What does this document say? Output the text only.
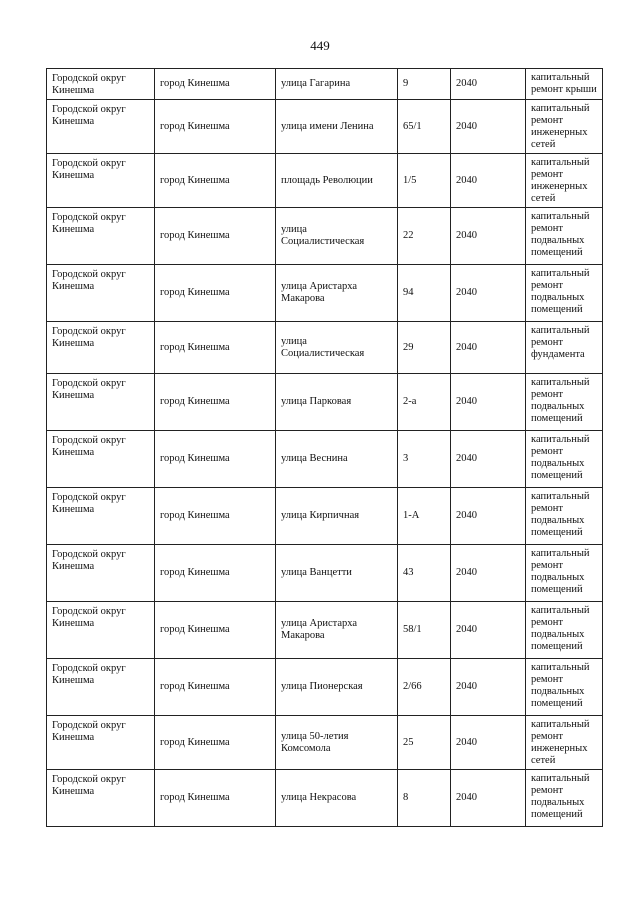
449
Городской округ Кинешма	город Кинешма	улица Гагарина	9	2040	капитальный ремонт крыши
Городской округ Кинешма	город Кинешма	улица имени Ленина	65/1	2040	капитальный ремонт инженерных сетей
Городской округ Кинешма	город Кинешма	площадь Революции	1/5	2040	капитальный ремонт инженерных сетей
Городской округ Кинешма	город Кинешма	улица Социалистическая	22	2040	капитальный ремонт подвальных помещений
Городской округ Кинешма	город Кинешма	улица Аристарха Макарова	94	2040	капитальный ремонт подвальных помещений
Городской округ Кинешма	город Кинешма	улица Социалистическая	29	2040	капитальный ремонт фундамента
Городской округ Кинешма	город Кинешма	улица Парковая	2-а	2040	капитальный ремонт подвальных помещений
Городской округ Кинешма	город Кинешма	улица Веснина	3	2040	капитальный ремонт подвальных помещений
Городской округ Кинешма	город Кинешма	улица Кирпичная	1-А	2040	капитальный ремонт подвальных помещений
Городской округ Кинешма	город Кинешма	улица Ванцетти	43	2040	капитальный ремонт подвальных помещений
Городской округ Кинешма	город Кинешма	улица Аристарха Макарова	58/1	2040	капитальный ремонт подвальных помещений
Городской округ Кинешма	город Кинешма	улица Пионерская	2/66	2040	капитальный ремонт подвальных помещений
Городской округ Кинешма	город Кинешма	улица 50-летия Комсомола	25	2040	капитальный ремонт инженерных сетей
Городской округ Кинешма	город Кинешма	улица Некрасова	8	2040	капитальный ремонт подвальных помещений
